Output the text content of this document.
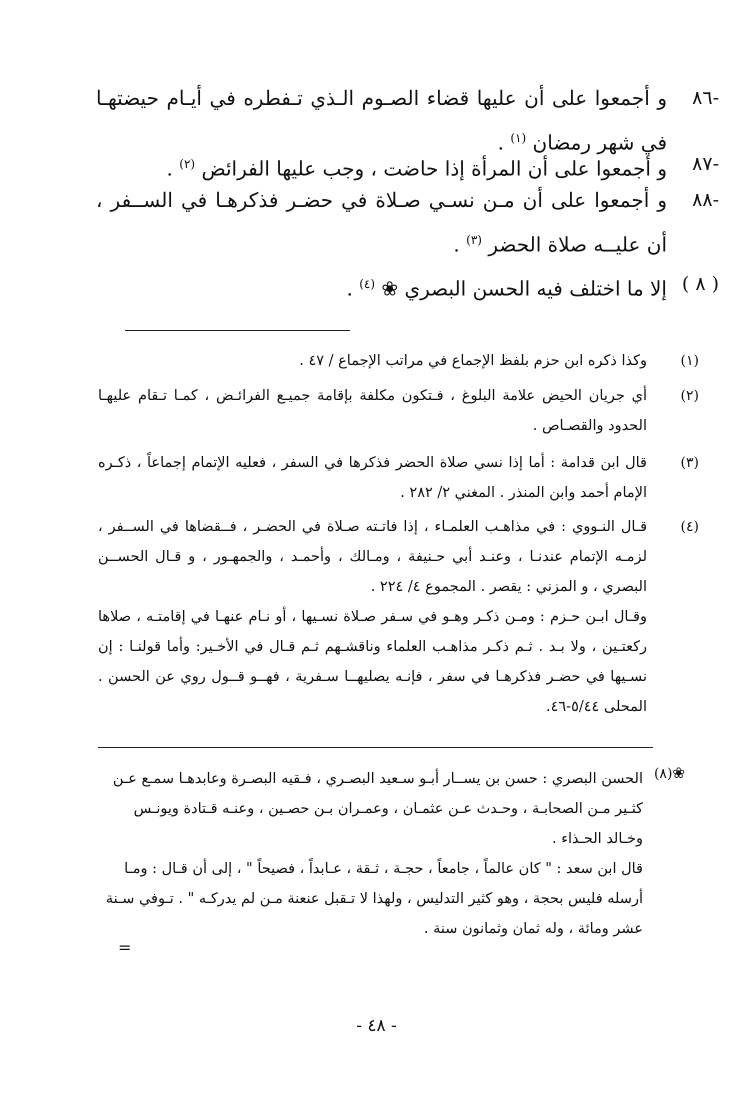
-٨٦
و أجمعوا على أن عليها قضاء الصـوم الـذي تـفطره في أيـام حيضتهـا في شهر رمضان $^{(١)}$ .
-٨٧
و أجمعوا على أن المرأة إذا حاضت ، وجب عليها الفرائض $^{(٢)}$ .
-٨٨
و أجمعوا على أن مـن نسـي صـلاة في حضـر فذكرهـا في الســفر ، أن عليــه صلاة الحضر $^{(٣)}$ .
( ٨ )
إلا ما اختلف فيه الحسن البصري ❀ $^{(٤)}$ .
(١)
وكذا ذكره ابن حزم بلفظ الإجماع في مراتب الإجماع / ٤٧ .
(٢)
أي جريان الحيض علامة البلوغ ، فـتكون مكلفة بإقامة جميـع الفرائـض ، كمـا تـقام عليهـا الحدود والقصـاص .
(٣)
قال ابن قدامة : أما إذا نسي صلاة الحضر فذكرها في السفر ، فعليه الإتمام إجماعاً ، ذكـره الإمام أحمد وابن المنذر . المغني ٢/ ٢٨٢ .
(٤)
قـال النـووي : في مذاهـب العلمـاء ، إذا فاتـته صـلاة في الحضـر ، فــقضاها في الســفر ، لزمـه الإتمام عندنـا ، وعنـد أبي حـنيفة ، ومـالك ، وأحمـد ، والجمهـور ، و قـال الحســن البصري ، و المزني : يقصر . المجموع ٤/ ٢٢٤ .
وقـال ابـن حـزم : ومـن ذكـر وهـو في سـفر صـلاة نسـيها ، أو نـام عنهـا في إقامتـه ، صلاها ركعتـين ، ولا بـد . ثـم ذكـر مذاهـب العلماء وناقشـهم ثـم قـال في الأخـير: وأما قولنـا : إن نسـيها في حضـر فذكرهـا في سفر ، فإنـه يصليهــا سـفرية ، فهــو قــول روي عن الحسن . المحلى ٥/٤٤-٤٦.
❀(٨)
الحسن البصري : حسن بن يســار أبـو سـعيد البصـري ، فـقيه البصـرة وعابدهـا سمـع عـن كثـير مـن الصحابـة ، وحـدث عـن عثمـان ، وعمـران بـن حصـين ، وعنـه قـتادة ويونـس وخـالد الحـذاء .
قال ابن سعد : " كان عالماً ، جامعاً ، حجـة ، ثـقة ، عـابداً ، فصيحاً " ، إلى أن قـال : ومـا أرسله فليس بحجة ، وهو كثير التدليس ، ولهذا لا تـقبل عنعنة مـن لم يدركـه " . تـوفي سـنة عشر ومائة ، وله ثمان وثمانون سنة .
=
- ٤٨ -
